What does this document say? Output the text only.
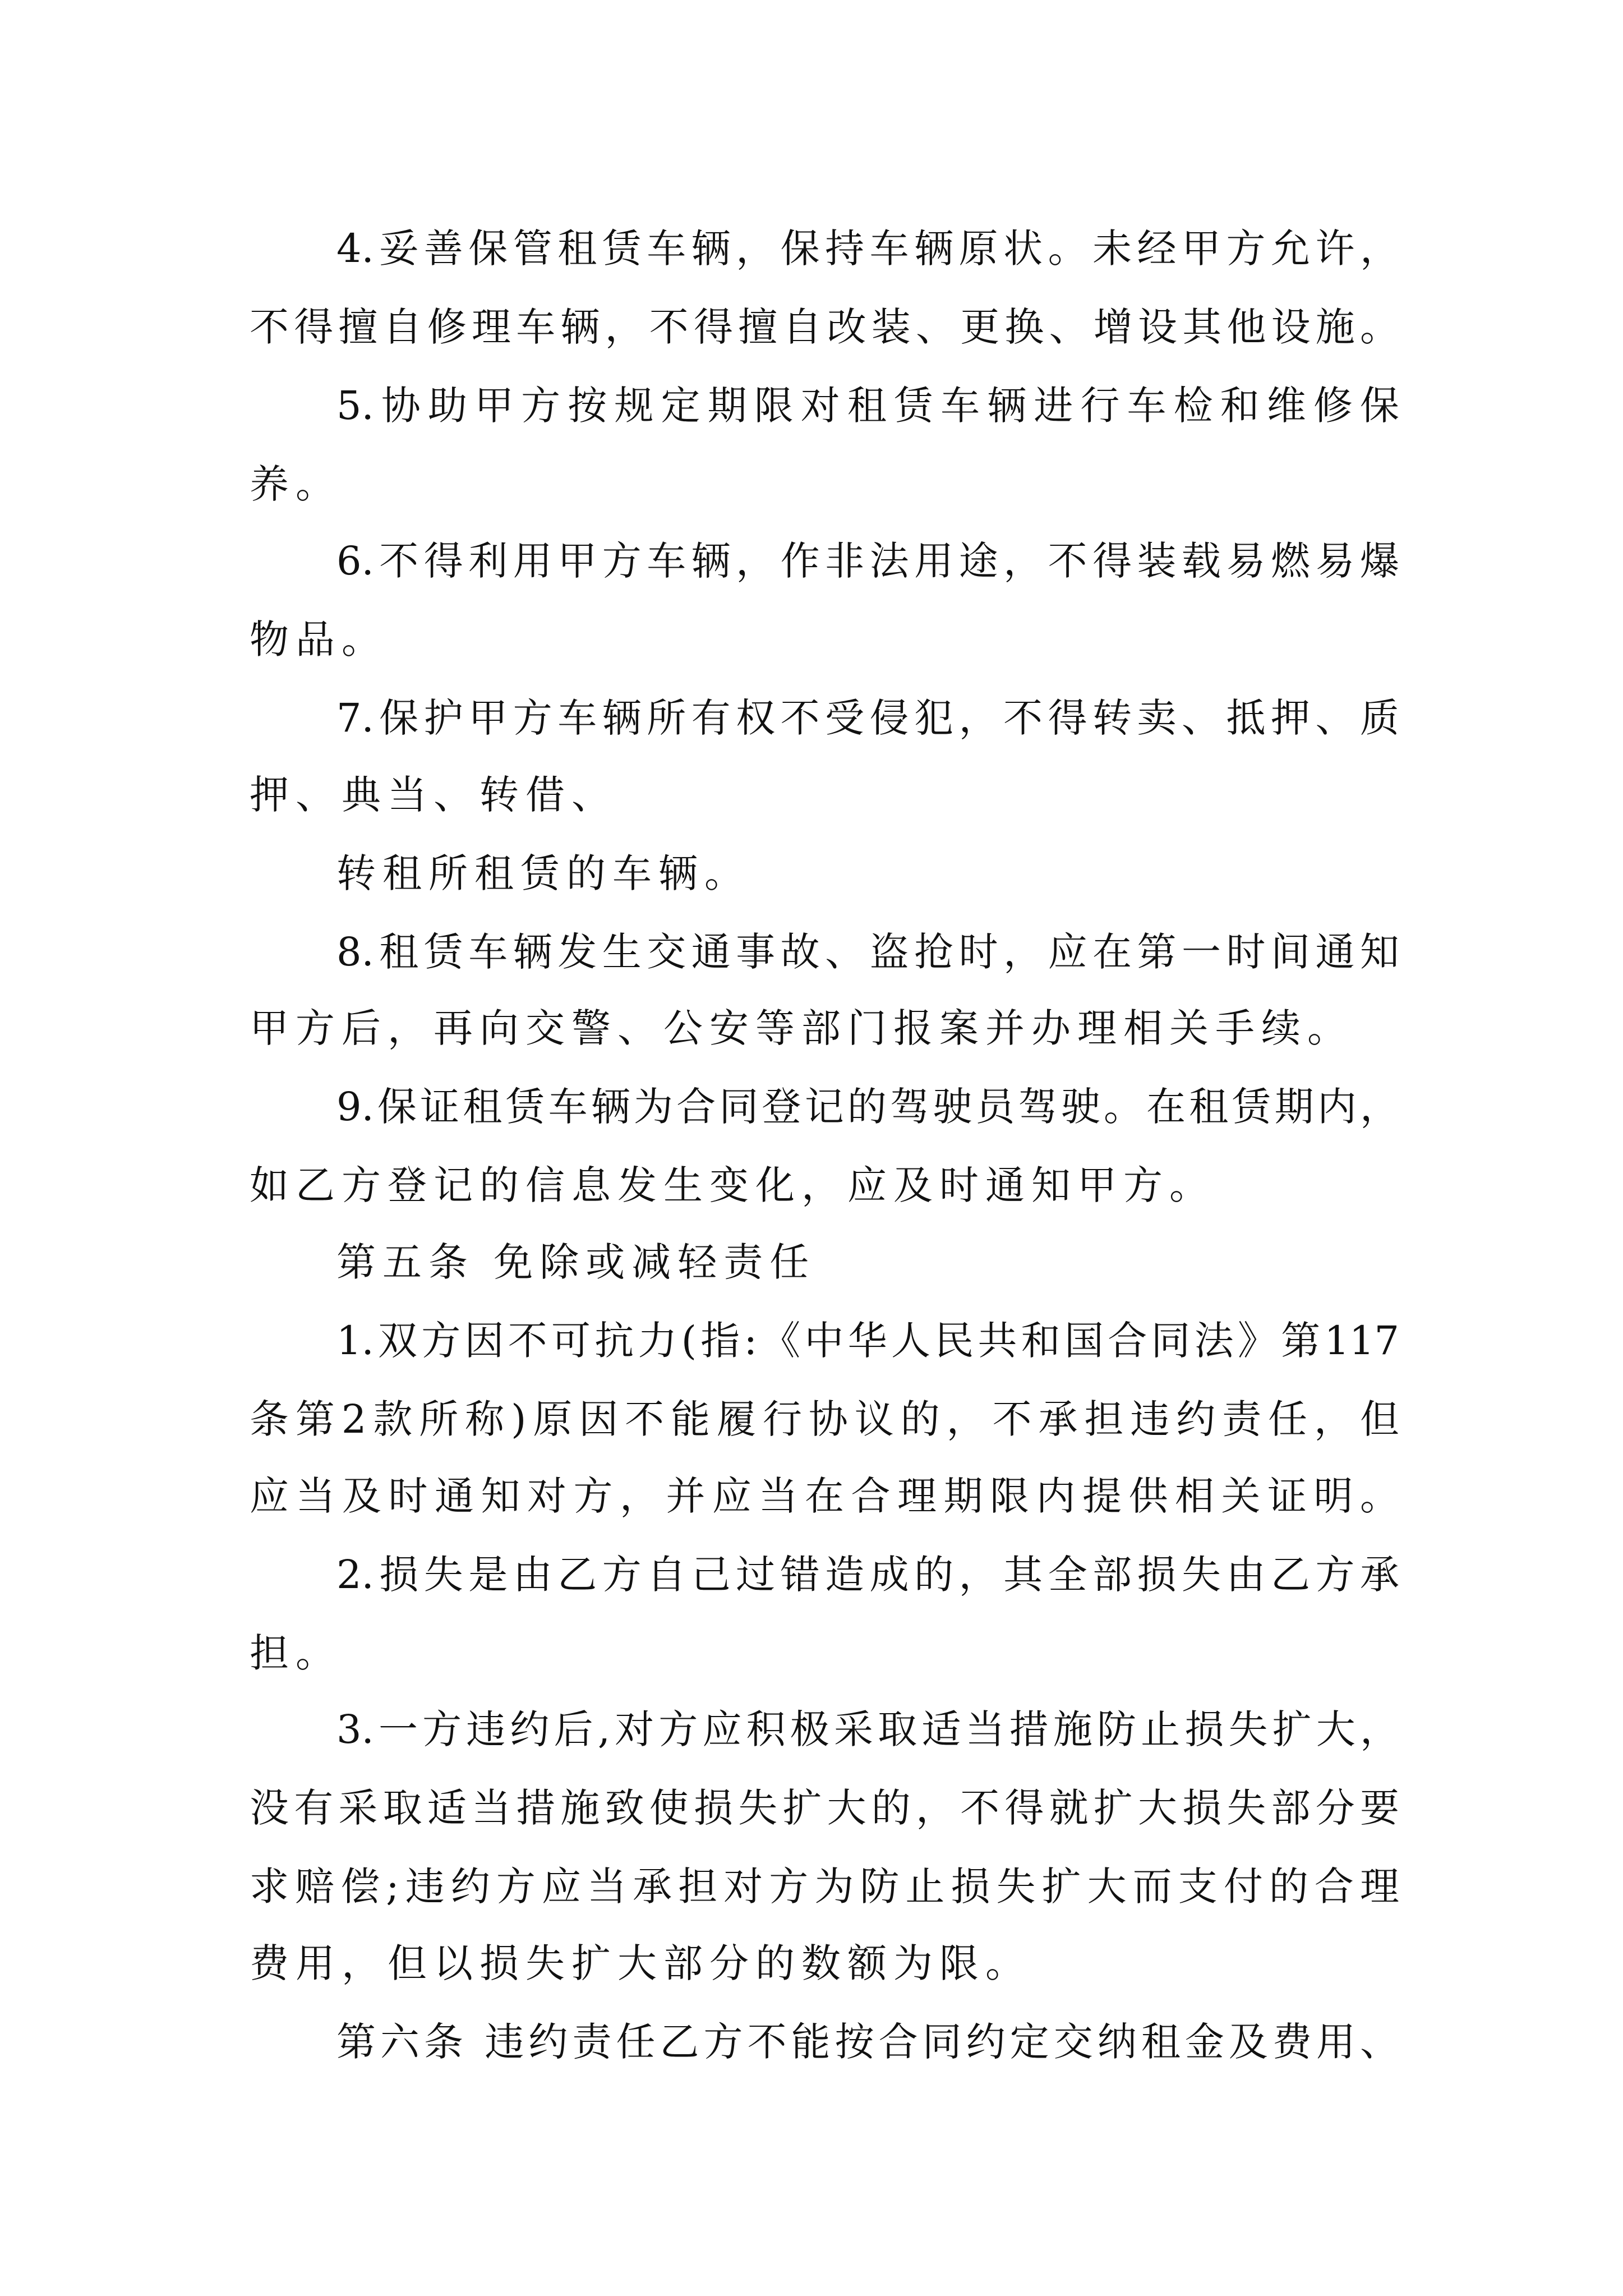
4.妥善保管租赁车辆，保持车辆原状。未经甲方允许，
不得擅自修理车辆，不得擅自改装、更换、增设其他设施。
5.协助甲方按规定期限对租赁车辆进行车检和维修保
养。
6.不得利用甲方车辆，作非法用途，不得装载易燃易爆
物品。
7.保护甲方车辆所有权不受侵犯，不得转卖、抵押、质
押、典当、转借、
转租所租赁的车辆。
8.租赁车辆发生交通事故、盗抢时，应在第一时间通知
甲方后，再向交警、公安等部门报案并办理相关手续。
9.保证租赁车辆为合同登记的驾驶员驾驶。在租赁期内，
如乙方登记的信息发生变化，应及时通知甲方。
第五条 免除或减轻责任
1.双方因不可抗力(指:《中华人民共和国合同法》第117
条第2款所称)原因不能履行协议的，不承担违约责任，但
应当及时通知对方，并应当在合理期限内提供相关证明。
2.损失是由乙方自己过错造成的，其全部损失由乙方承
担。
3.一方违约后,对方应积极采取适当措施防止损失扩大，
没有采取适当措施致使损失扩大的，不得就扩大损失部分要
求赔偿;违约方应当承担对方为防止损失扩大而支付的合理
费用，但以损失扩大部分的数额为限。
第六条 违约责任乙方不能按合同约定交纳租金及费用、
